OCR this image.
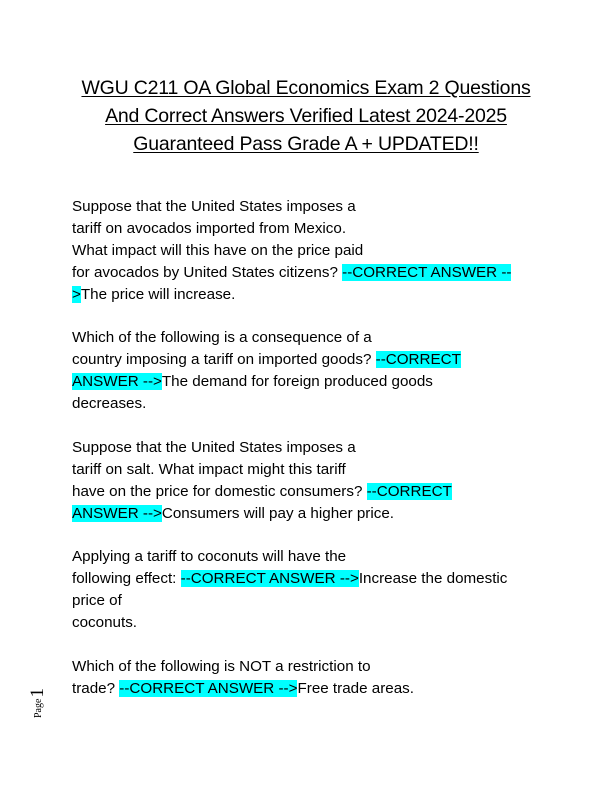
WGU C211 OA Global Economics Exam 2 Questions
And Correct Answers Verified Latest 2024-2025
Guaranteed Pass Grade A + UPDATED!!
Suppose that the United States imposes a
tariff on avocados imported from Mexico.
What impact will this have on the price paid
for avocados by United States citizens? --CORRECT ANSWER --
>The price will increase.
Which of the following is a consequence of a
country imposing a tariff on imported goods? --CORRECT
ANSWER -->The demand for foreign produced goods
decreases.
Suppose that the United States imposes a
tariff on salt. What impact might this tariff
have on the price for domestic consumers? --CORRECT
ANSWER -->Consumers will pay a higher price.
Applying a tariff to coconuts will have the
following effect: --CORRECT ANSWER -->Increase the domestic
price of
coconuts.
Which of the following is NOT a restriction to
trade? --CORRECT ANSWER -->Free trade areas.
Page1
